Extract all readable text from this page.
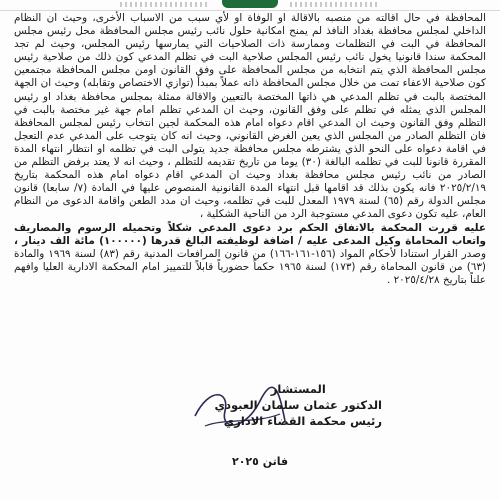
المحافظة في حال اقالته من منصبه بالاقالة او الوفاة او لأي سبب من الاسباب الأخرى، وحيث ان النظام الداخلي لمجلس محافظة بغداد النافذ لم يمنح امكانية حلول نائب رئيس مجلس المحافظة محل رئيس مجلس المحافظة في البت في التظلمات وممارسة ذات الصلاحيات التي يمارسها رئيس المجلس، وحيث لم تجد المحكمة سندا قانونيا يخول نائب رئيس المجلس صلاحية البت في تظلم المدعي كون ذلك من صلاحية رئيس مجلس المحافظة الذي يتم انتخابه من مجلس المحافظة على وفق القانون اومن مجلس المحافظة مجتمعين كون صلاحية الاعفاء تمت من خلال مجلس المحافظة ذاته عملاً بمبدأ (توازي الاختصاص وتقابله) وحيث ان الجهة المختصة بالبت في تظلم المدعي هي ذاتها المختصة بالتعيين والاقالة ممثلة بمجلس محافظة بغداد او رئيس المجلس الذي يمثله في تظلم على وفق القانون، وحيث ان المدعي تظلم امام جهة غير مختصة بالبت في التظلم وفق القانون وحيث ان المدعي اقام دعواه امام هذه المحكمة لجين انتخاب رئيس لمجلس المحافظة فان التظلم الصادر من المجلس الذي يعين الغرض القانوني، وحيث انه كان يتوجب على المدعي عدم التعجل في اقامة دعواه على النحو الذي يشترطه مجلس محافظة جديد يتولى البت في تظلمه او انتظار انتهاء المدة المقررة قانونا للبت في تظلمه البالغة (٣٠) يوما من تاريخ تقديمه للتظلم ، وحيث انه لا يعتد برفض التظلم من الصادر من نائب رئيس مجلس محافظة بغداد وحيث ان المدعي اقام دعواه امام هذه المحكمة بتاريخ ٢٠٢٥/٢/١٩ فانه يكون بذلك قد اقامها قبل انتهاء المدة القانونية المنصوص عليها في المادة (٧/ سابعا) قانون مجلس الدولة رقم (٦٥) لسنة ١٩٧٩ المعدل للبت في تظلمه، وحيث ان مدد الطعن واقامة الدعوى من النظام العام، عليه تكون دعوى المدعي مستوجبة الرد من الناحية الشكلية ،

عليه قررت المحكمة بالاتفاق الحكم برد دعوى المدعي شكلاً وتحميله الرسوم والمصاريف واتعاب المحاماة وكيل المدعى عليه / اضافة لوظيفته البالغ قدرها (١٠٠٠٠٠) مائة الف دينار ، وصدر القرار استنادا لأحكام المواد (١٥٦-١٦١-١٦٦) من قانون المرافعات المدنية رقم (٨٣) لسنة ١٩٦٩ والمادة (٦٣) من قانون المحاماة رقم (١٧٣) لسنة ١٩٦٥ حكماً حضورياً قابلاً للتمييز امام المحكمة الادارية العليا وافهم علناً بتاريخ ٢٠٢٥/٤/٢٨ .

المستشار
الدكتور عثمان سلمان العبودي
رئيس محكمة القضاء الاداري
فاتن ٢٠٢٥
